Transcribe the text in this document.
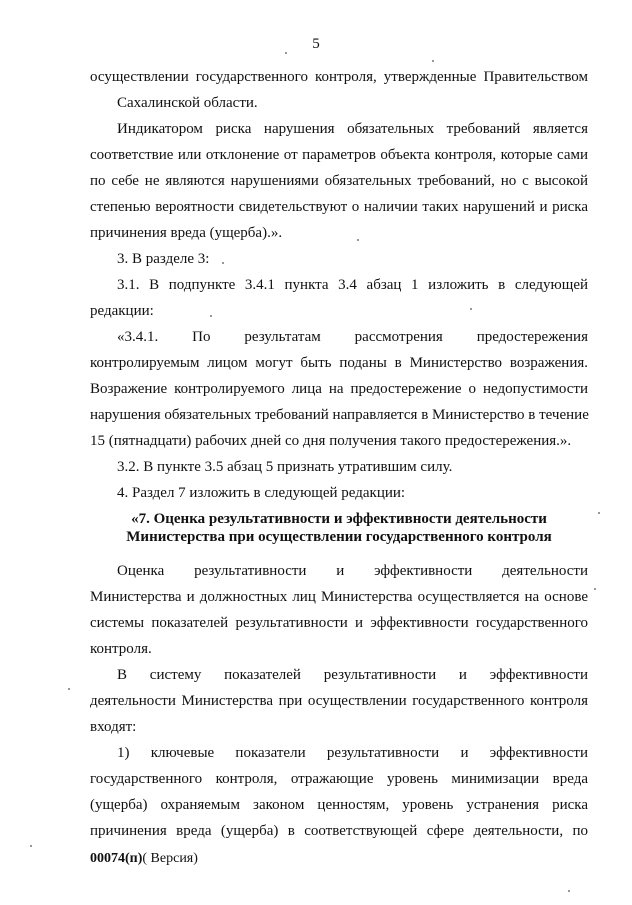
5
осуществлении государственного контроля, утвержденные Правительством
Сахалинской области.
Индикатором риска нарушения обязательных требований является
соответствие или отклонение от параметров объекта контроля, которые сами
по себе не являются нарушениями обязательных требований, но с высокой
степенью вероятности свидетельствуют о наличии таких нарушений и риска
причинения вреда (ущерба).».
3. В разделе 3:
3.1. В подпункте 3.4.1 пункта 3.4 абзац 1 изложить в следующей
редакции:
«3.4.1. По результатам рассмотрения предостережения
контролируемым лицом могут быть поданы в Министерство возражения.
Возражение контролируемого лица на предостережение о недопустимости
нарушения обязательных требований направляется в Министерство в течение
15 (пятнадцати) рабочих дней со дня получения такого предостережения.».
3.2. В пункте 3.5 абзац 5 признать утратившим силу.
4. Раздел 7 изложить в следующей редакции:
«7. Оценка результативности и эффективности деятельности
Министерства при осуществлении государственного контроля
Оценка результативности и эффективности деятельности
Министерства и должностных лиц Министерства осуществляется на основе
системы показателей результативности и эффективности государственного
контроля.
В систему показателей результативности и эффективности
деятельности Министерства при осуществлении государственного контроля
входят:
1) ключевые показатели результативности и эффективности
государственного контроля, отражающие уровень минимизации вреда
(ущерба) охраняемым законом ценностям, уровень устранения риска
причинения вреда (ущерба) в соответствующей сфере деятельности, по
00074(п)( Версия)
